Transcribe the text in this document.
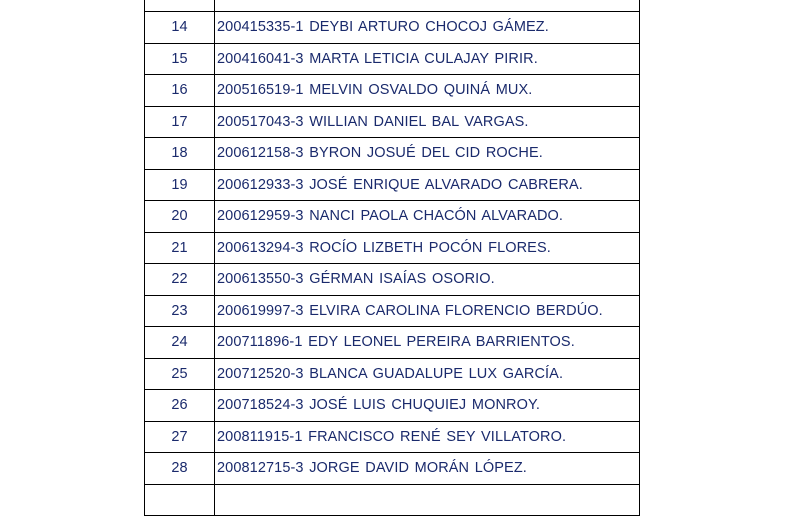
14	200415335-1 DEYBI ARTURO CHOCOJ GÁMEZ.
15	200416041-3 MARTA LETICIA CULAJAY PIRIR.
16	200516519-1 MELVIN OSVALDO QUINÁ MUX.
17	200517043-3 WILLIAN DANIEL BAL VARGAS.
18	200612158-3 BYRON JOSUÉ DEL CID ROCHE.
19	200612933-3 JOSÉ ENRIQUE ALVARADO CABRERA.
20	200612959-3 NANCI PAOLA CHACÓN ALVARADO.
21	200613294-3 ROCÍO LIZBETH POCÓN FLORES.
22	200613550-3 GÉRMAN ISAÍAS OSORIO.
23	200619997-3 ELVIRA CAROLINA FLORENCIO BERDÚO.
24	200711896-1 EDY LEONEL PEREIRA BARRIENTOS.
25	200712520-3 BLANCA GUADALUPE LUX GARCÍA.
26	200718524-3 JOSÉ LUIS CHUQUIEJ MONROY.
27	200811915-1 FRANCISCO RENÉ SEY VILLATORO.
28	200812715-3 JORGE DAVID MORÁN LÓPEZ.
